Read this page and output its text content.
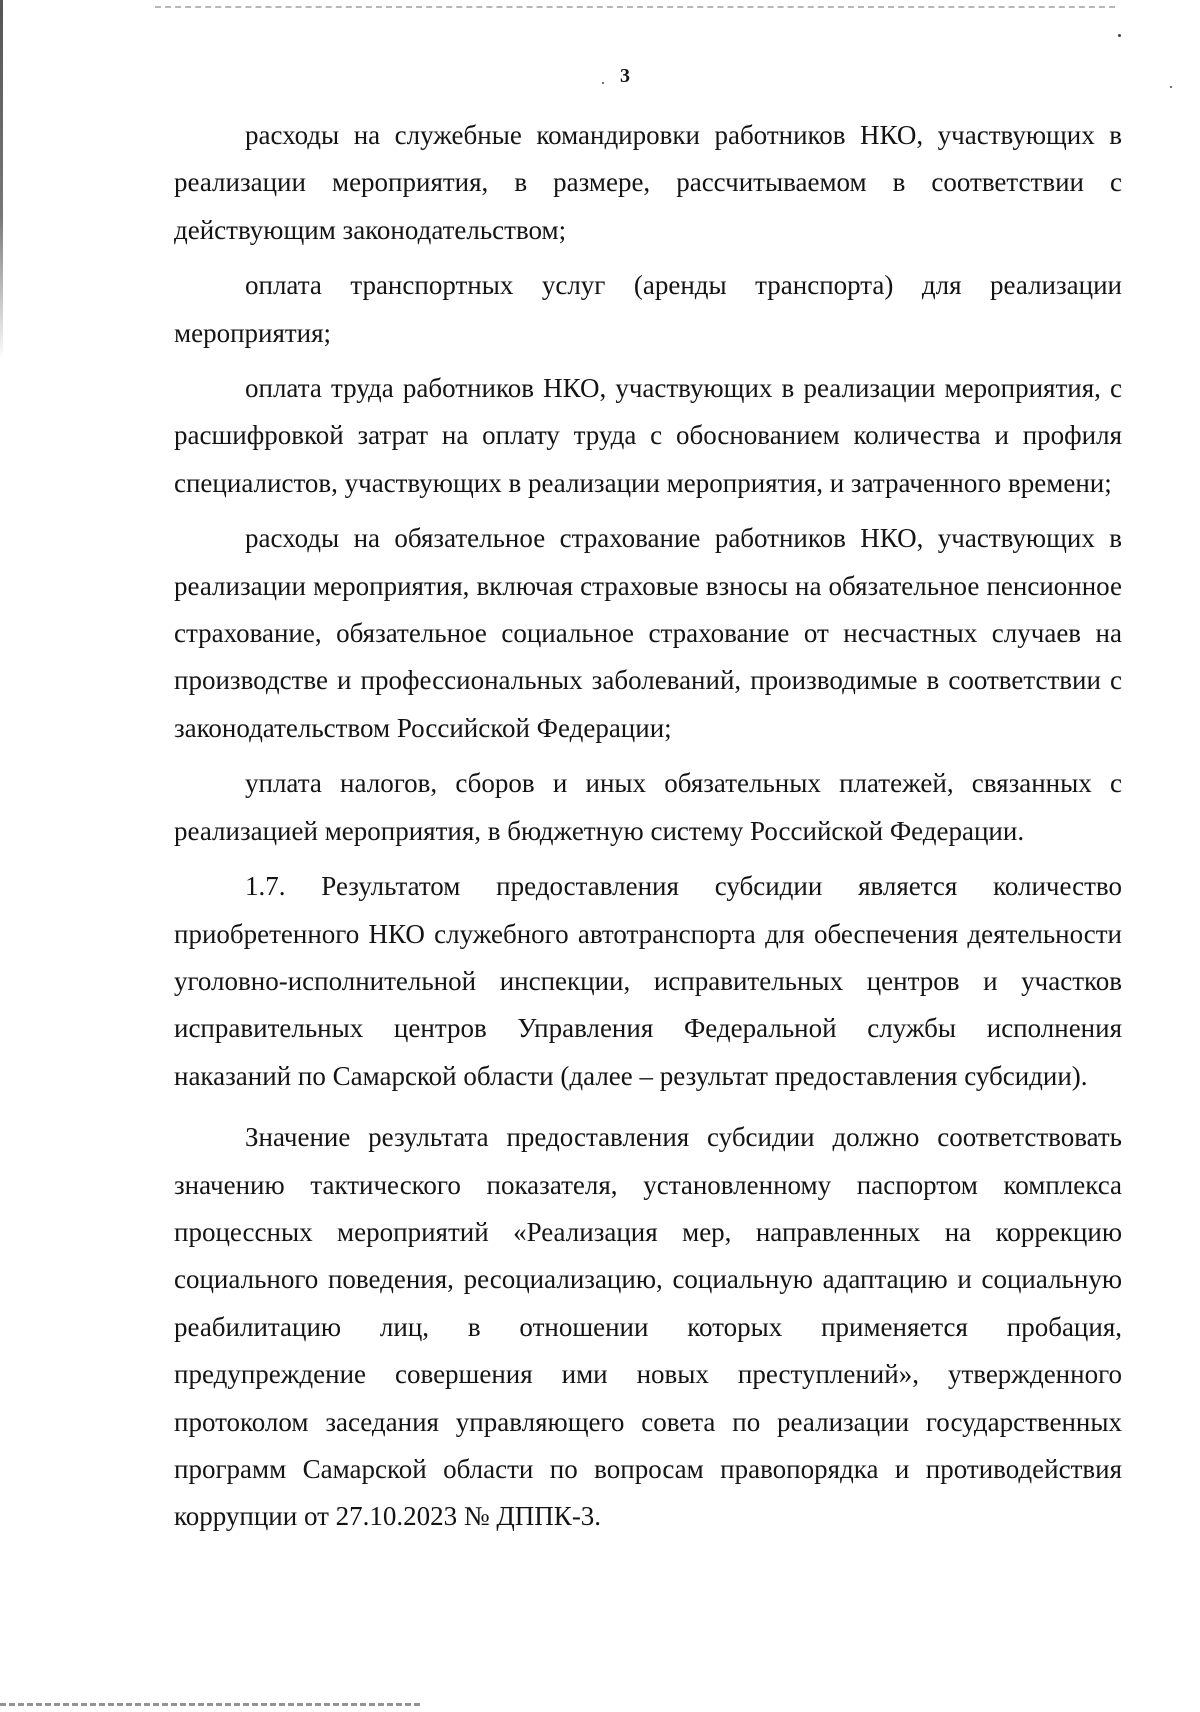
3

расходы на служебные командировки работников НКО, участвующих в реализации мероприятия, в размере, рассчитываемом в соответствии с действующим законодательством;

оплата транспортных услуг (аренды транспорта) для реализации мероприятия;

оплата труда работников НКО, участвующих в реализации мероприятия, с расшифровкой затрат на оплату труда с обоснованием количества и профиля специалистов, участвующих в реализации мероприятия, и затраченного времени;

расходы на обязательное страхование работников НКО, участвующих в реализации мероприятия, включая страховые взносы на обязательное пенсионное страхование, обязательное социальное страхование от несчастных случаев на производстве и профессиональных заболеваний, производимые в соответствии с законодательством Российской Федерации;

уплата налогов, сборов и иных обязательных платежей, связанных с реализацией мероприятия, в бюджетную систему Российской Федерации.

1.7. Результатом предоставления субсидии является количество приобретенного НКО служебного автотранспорта для обеспечения деятельности уголовно-исполнительной инспекции, исправительных центров и участков исправительных центров Управления Федеральной службы исполнения наказаний по Самарской области (далее – результат предоставления субсидии).

Значение результата предоставления субсидии должно соответствовать значению тактического показателя, установленному паспортом комплекса процессных мероприятий «Реализация мер, направленных на коррекцию социального поведения, ресоциализацию, социальную адаптацию и социальную реабилитацию лиц, в отношении которых применяется пробация, предупреждение совершения ими новых преступлений», утвержденного протоколом заседания управляющего совета по реализации государственных программ Самарской области по вопросам правопорядка и противодействия коррупции от 27.10.2023 № ДППК-3.
